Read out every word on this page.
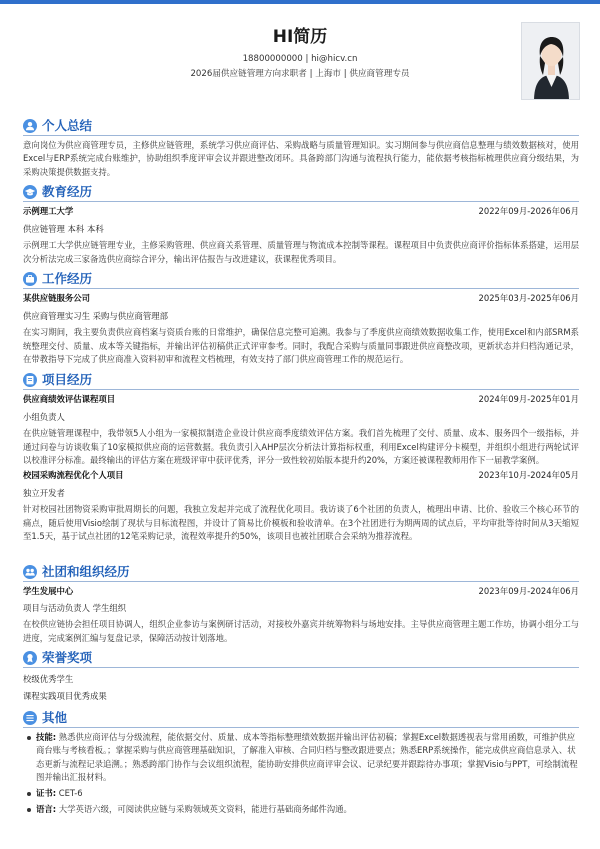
HI简历
18800000000 | hi@hicv.cn
2026届供应链管理方向求职者 | 上海市 | 供应商管理专员
个人总结
意向岗位为供应商管理专员，主修供应链管理，系统学习供应商评估、采购战略与质量管理知识。实习期间参与供应商信息整理与绩效数据核对，使用Excel与ERP系统完成台账维护，协助组织季度评审会议并跟进整改闭环。具备跨部门沟通与流程执行能力，能依据考核指标梳理供应商分级结果，为采购决策提供数据支持。
教育经历
示例理工大学	2022年09月-2026年06月
供应链管理 本科 本科
示例理工大学供应链管理专业，主修采购管理、供应商关系管理、质量管理与物流成本控制等课程。课程项目中负责供应商评价指标体系搭建，运用层次分析法完成三家备选供应商综合评分，输出评估报告与改进建议，获课程优秀项目。
工作经历
某供应链服务公司	2025年03月-2025年06月
供应商管理实习生 采购与供应商管理部
在实习期间，我主要负责供应商档案与资质台账的日常维护，确保信息完整可追溯。我参与了季度供应商绩效数据收集工作，使用Excel和内部SRM系统整理交付、质量、成本等关键指标，并输出评估初稿供正式评审参考。同时，我配合采购与质量同事跟进供应商整改项，更新状态并归档沟通记录，在带教指导下完成了供应商准入资料初审和流程文档梳理，有效支持了部门供应商管理工作的规范运行。
项目经历
供应商绩效评估课程项目	2024年09月-2025年01月
小组负责人
在供应链管理课程中，我带领5人小组为一家模拟制造企业设计供应商季度绩效评估方案。我们首先梳理了交付、质量、成本、服务四个一级指标，并通过问卷与访谈收集了10家模拟供应商的运营数据。我负责引入AHP层次分析法计算指标权重，利用Excel构建评分卡模型，并组织小组进行两轮试评以校准评分标准。最终输出的评估方案在班级评审中获评优秀，评分一致性较初始版本提升约20%，方案还被课程教师用作下一届教学案例。
校园采购流程优化个人项目	2023年10月-2024年05月
独立开发者
针对校园社团物资采购审批周期长的问题，我独立发起并完成了流程优化项目。我访谈了6个社团的负责人，梳理出申请、比价、验收三个核心环节的痛点，随后使用Visio绘制了现状与目标流程图，并设计了简易比价模板和验收清单。在3个社团进行为期两周的试点后，平均审批等待时间从3天缩短至1.5天，基于试点社团的12笔采购记录，流程效率提升约50%，该项目也被社团联合会采纳为推荐流程。
社团和组织经历
学生发展中心	2023年09月-2024年06月
项目与活动负责人 学生组织
在校供应链协会担任项目协调人，组织企业参访与案例研讨活动，对接校外嘉宾并统筹物料与场地安排。主导供应商管理主题工作坊，协调小组分工与进度，完成案例汇编与复盘记录，保障活动按计划落地。
荣誉奖项
校级优秀学生
课程实践项目优秀成果
其他
技能: 熟悉供应商评估与分级流程，能依据交付、质量、成本等指标整理绩效数据并输出评估初稿；掌握Excel数据透视表与常用函数，可维护供应商台账与考核看板。；掌握采购与供应商管理基础知识，了解准入审核、合同归档与整改跟进要点；熟悉ERP系统操作，能完成供应商信息录入、状态更新与流程记录追溯。；熟悉跨部门协作与会议组织流程，能协助安排供应商评审会议、记录纪要并跟踪待办事项；掌握Visio与PPT，可绘制流程图并输出汇报材料。
证书: CET-6
语言: 大学英语六级，可阅读供应链与采购领域英文资料，能进行基础商务邮件沟通。
